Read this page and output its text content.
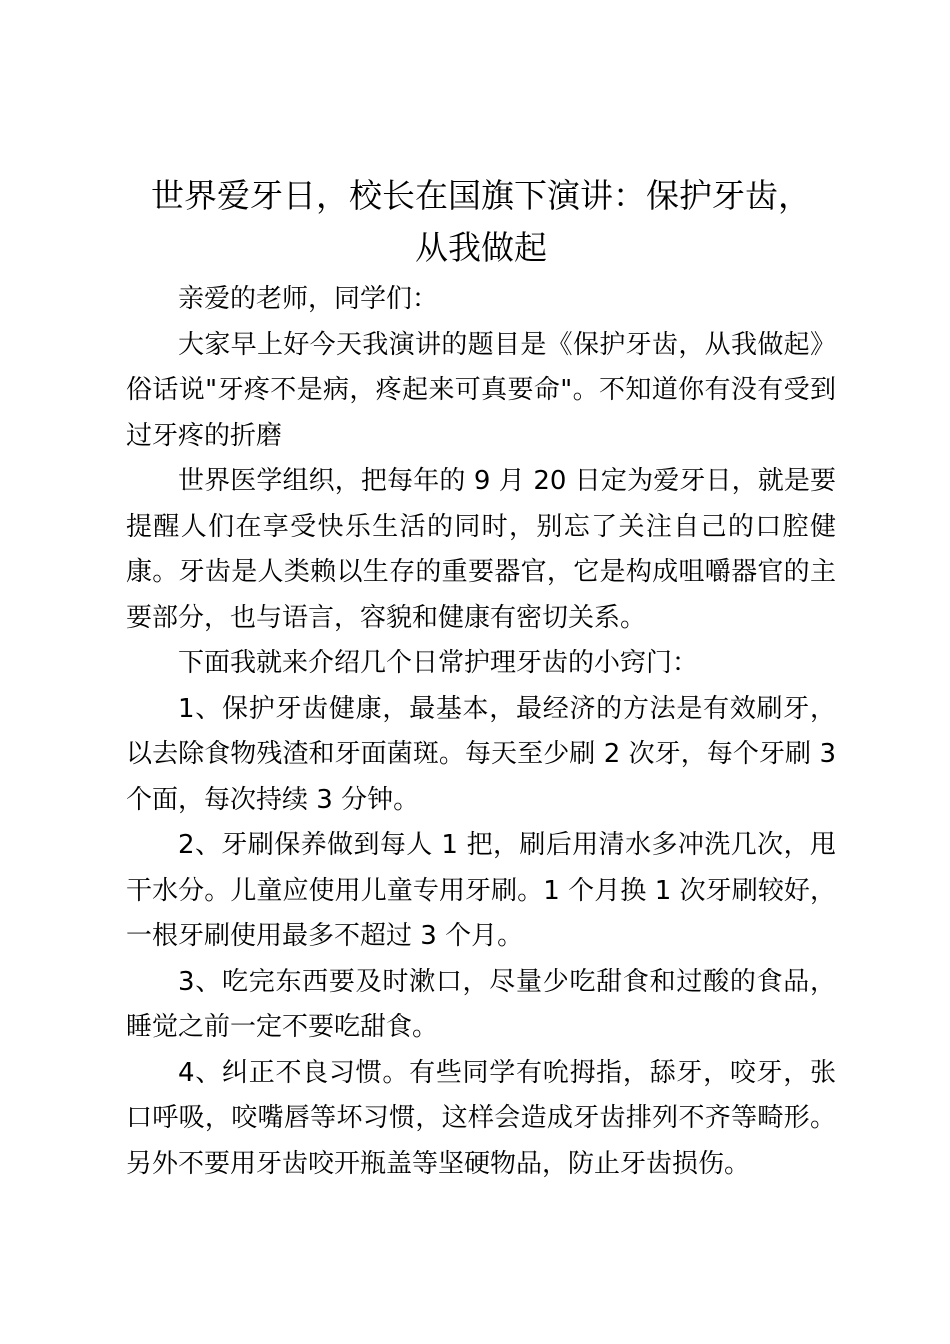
世界爱牙日，校长在国旗下演讲：保护牙齿，
从我做起

亲爱的老师，同学们：

大家早上好今天我演讲的题目是《保护牙齿，从我做起》俗话说"牙疼不是病，疼起来可真要命"。不知道你有没有受到过牙疼的折磨

世界医学组织，把每年的 9 月 20 日定为爱牙日，就是要提醒人们在享受快乐生活的同时，别忘了关注自己的口腔健康。牙齿是人类赖以生存的重要器官，它是构成咀嚼器官的主要部分，也与语言，容貌和健康有密切关系。

下面我就来介绍几个日常护理牙齿的小窍门：

1、保护牙齿健康，最基本，最经济的方法是有效刷牙，以去除食物残渣和牙面菌斑。每天至少刷 2 次牙，每个牙刷 3 个面，每次持续 3 分钟。

2、牙刷保养做到每人 1 把，刷后用清水多冲洗几次，甩干水分。儿童应使用儿童专用牙刷。1 个月换 1 次牙刷较好，一根牙刷使用最多不超过 3 个月。

3、吃完东西要及时漱口，尽量少吃甜食和过酸的食品，睡觉之前一定不要吃甜食。

4、纠正不良习惯。有些同学有吮拇指，舔牙，咬牙，张口呼吸，咬嘴唇等坏习惯，这样会造成牙齿排列不齐等畸形。另外不要用牙齿咬开瓶盖等坚硬物品，防止牙齿损伤。
